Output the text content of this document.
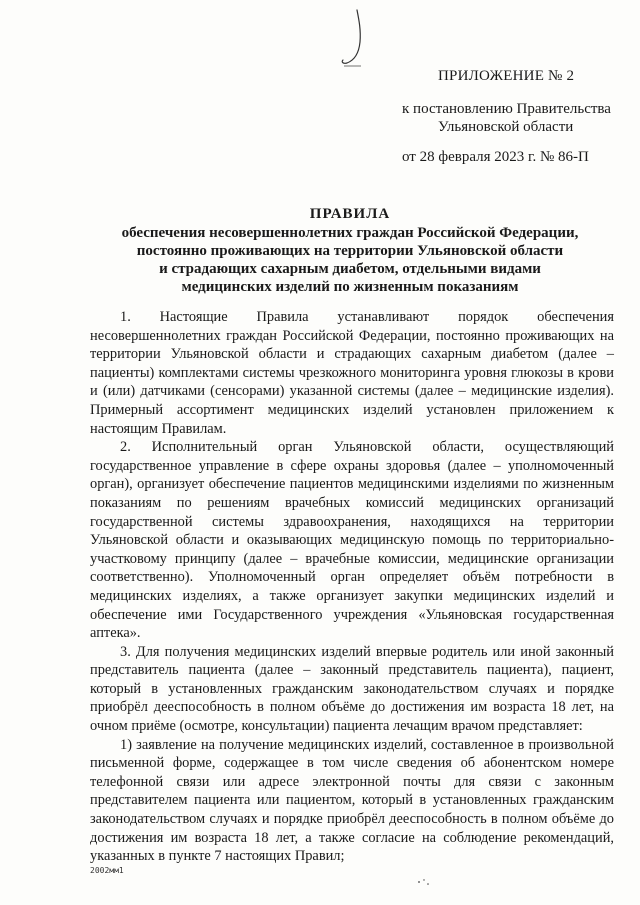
ПРИЛОЖЕНИЕ № 2
к постановлению Правительства
Ульяновской области
от 28 февраля 2023 г. № 86-П
ПРАВИЛА
обеспечения несовершеннолетних граждан Российской Федерации,
постоянно проживающих на территории Ульяновской области
и страдающих сахарным диабетом, отдельными видами
медицинских изделий по жизненным показаниям

1. Настоящие Правила устанавливают порядок обеспечения несовершеннолетних граждан Российской Федерации, постоянно проживающих на территории Ульяновской области и страдающих сахарным диабетом (далее – пациенты) комплектами системы чрезкожного мониторинга уровня глюкозы в крови и (или) датчиками (сенсорами) указанной системы (далее – медицинские изделия). Примерный ассортимент медицинских изделий установлен приложением к настоящим Правилам.

2. Исполнительный орган Ульяновской области, осуществляющий государственное управление в сфере охраны здоровья (далее – уполномоченный орган), организует обеспечение пациентов медицинскими изделиями по жизненным показаниям по решениям врачебных комиссий медицинских организаций государственной системы здравоохранения, находящихся на территории Ульяновской области и оказывающих медицинскую помощь по территориально-участковому принципу (далее – врачебные комиссии, медицинские организации соответственно). Уполномоченный орган определяет объём потребности в медицинских изделиях, а также организует закупки медицинских изделий и обеспечение ими Государственного учреждения «Ульяновская государственная аптека».

3. Для получения медицинских изделий впервые родитель или иной законный представитель пациента (далее – законный представитель пациента), пациент, который в установленных гражданским законодательством случаях и порядке приобрёл дееспособность в полном объёме до достижения им возраста 18 лет, на очном приёме (осмотре, консультации) пациента лечащим врачом представляет:

1) заявление на получение медицинских изделий, составленное в произвольной письменной форме, содержащее в том числе сведения об абонентском номере телефонной связи или адресе электронной почты для связи с законным представителем пациента или пациентом, который в установленных гражданским законодательством случаях и порядке приобрёл дееспособность в полном объёме до достижения им возраста 18 лет, а также согласие на соблюдение рекомендаций, указанных в пункте 7 настоящих Правил;

2002мм1
